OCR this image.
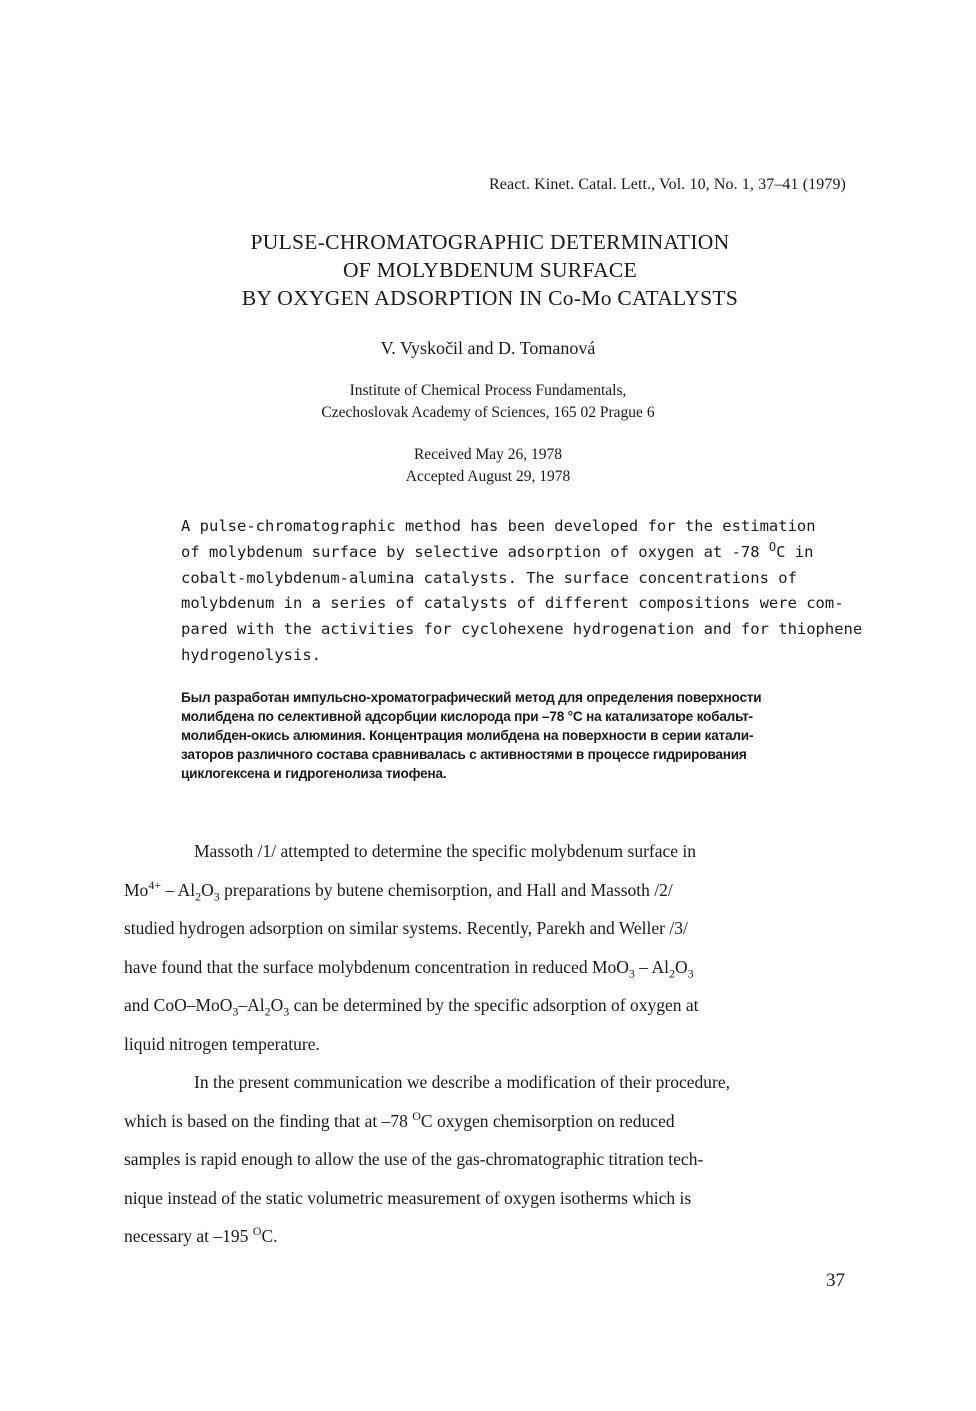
React. Kinet. Catal. Lett., Vol. 10, No. 1, 37–41 (1979)
PULSE-CHROMATOGRAPHIC DETERMINATION
OF MOLYBDENUM SURFACE
BY OXYGEN ADSORPTION IN Co-Mo CATALYSTS
V. Vyskočil and D. Tomanová
Institute of Chemical Process Fundamentals,
Czechoslovak Academy of Sciences, 165 02 Prague 6
Received May 26, 1978
Accepted August 29, 1978
A pulse-chromatographic method has been developed for the estimation
of molybdenum surface by selective adsorption of oxygen at -78 $^O$C in
cobalt-molybdenum-alumina catalysts. The surface concentrations of
molybdenum in a series of catalysts of different compositions were com-
pared with the activities for cyclohexene hydrogenation and for thiophene
hydrogenolysis.
Был разработан импульсно-хроматографический метод для определения поверхности
молибдена по селективной адсорбции кислорода при –78 °С на катализаторе кобальт-
молибден-окись алюминия. Концентрация молибдена на поверхности в серии катали-
заторов различного состава сравнивалась с активностями в процессе гидрирования
циклогексена и гидрогенолиза тиофена.
Massoth /1/ attempted to determine the specific molybdenum surface in
$Mo^{4+} - Al_2O_3$ preparations by butene chemisorption, and Hall and Massoth /2/
studied hydrogen adsorption on similar systems. Recently, Parekh and Weller /3/
have found that the surface molybdenum concentration in reduced $MoO_3 - Al_2O_3$
and CoO–$MoO_3-Al_2O_3$ can be determined by the specific adsorption of oxygen at
liquid nitrogen temperature.
In the present communication we describe a modification of their procedure,
which is based on the finding that at –78 $^O$C oxygen chemisorption on reduced
samples is rapid enough to allow the use of the gas-chromatographic titration tech-
nique instead of the static volumetric measurement of oxygen isotherms which is
necessary at –195 $^O$C.
37
